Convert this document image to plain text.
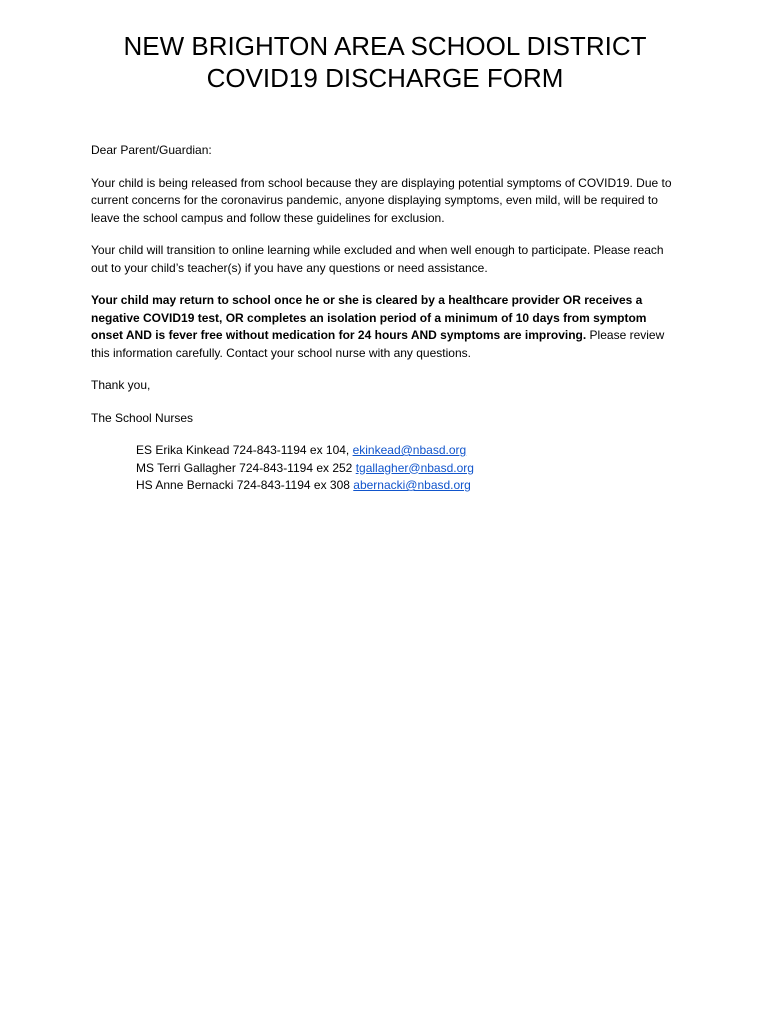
NEW BRIGHTON AREA SCHOOL DISTRICT
COVID19 DISCHARGE FORM

Dear Parent/Guardian:

Your child is being released from school because they are displaying potential symptoms of COVID19. Due to current concerns for the coronavirus pandemic, anyone displaying symptoms, even mild, will be required to leave the school campus and follow these guidelines for exclusion.

Your child will transition to online learning while excluded and when well enough to participate. Please reach out to your child’s teacher(s) if you have any questions or need assistance.

Your child may return to school once he or she is cleared by a healthcare provider OR receives a negative COVID19 test, OR completes an isolation period of a minimum of 10 days from symptom onset AND is fever free without medication for 24 hours AND symptoms are improving. Please review this information carefully. Contact your school nurse with any questions.

Thank you,

The School Nurses

ES Erika Kinkead 724-843-1194 ex 104, ekinkead@nbasd.org
MS Terri Gallagher 724-843-1194 ex 252 tgallagher@nbasd.org
HS Anne Bernacki 724-843-1194 ex 308 abernacki@nbasd.org
